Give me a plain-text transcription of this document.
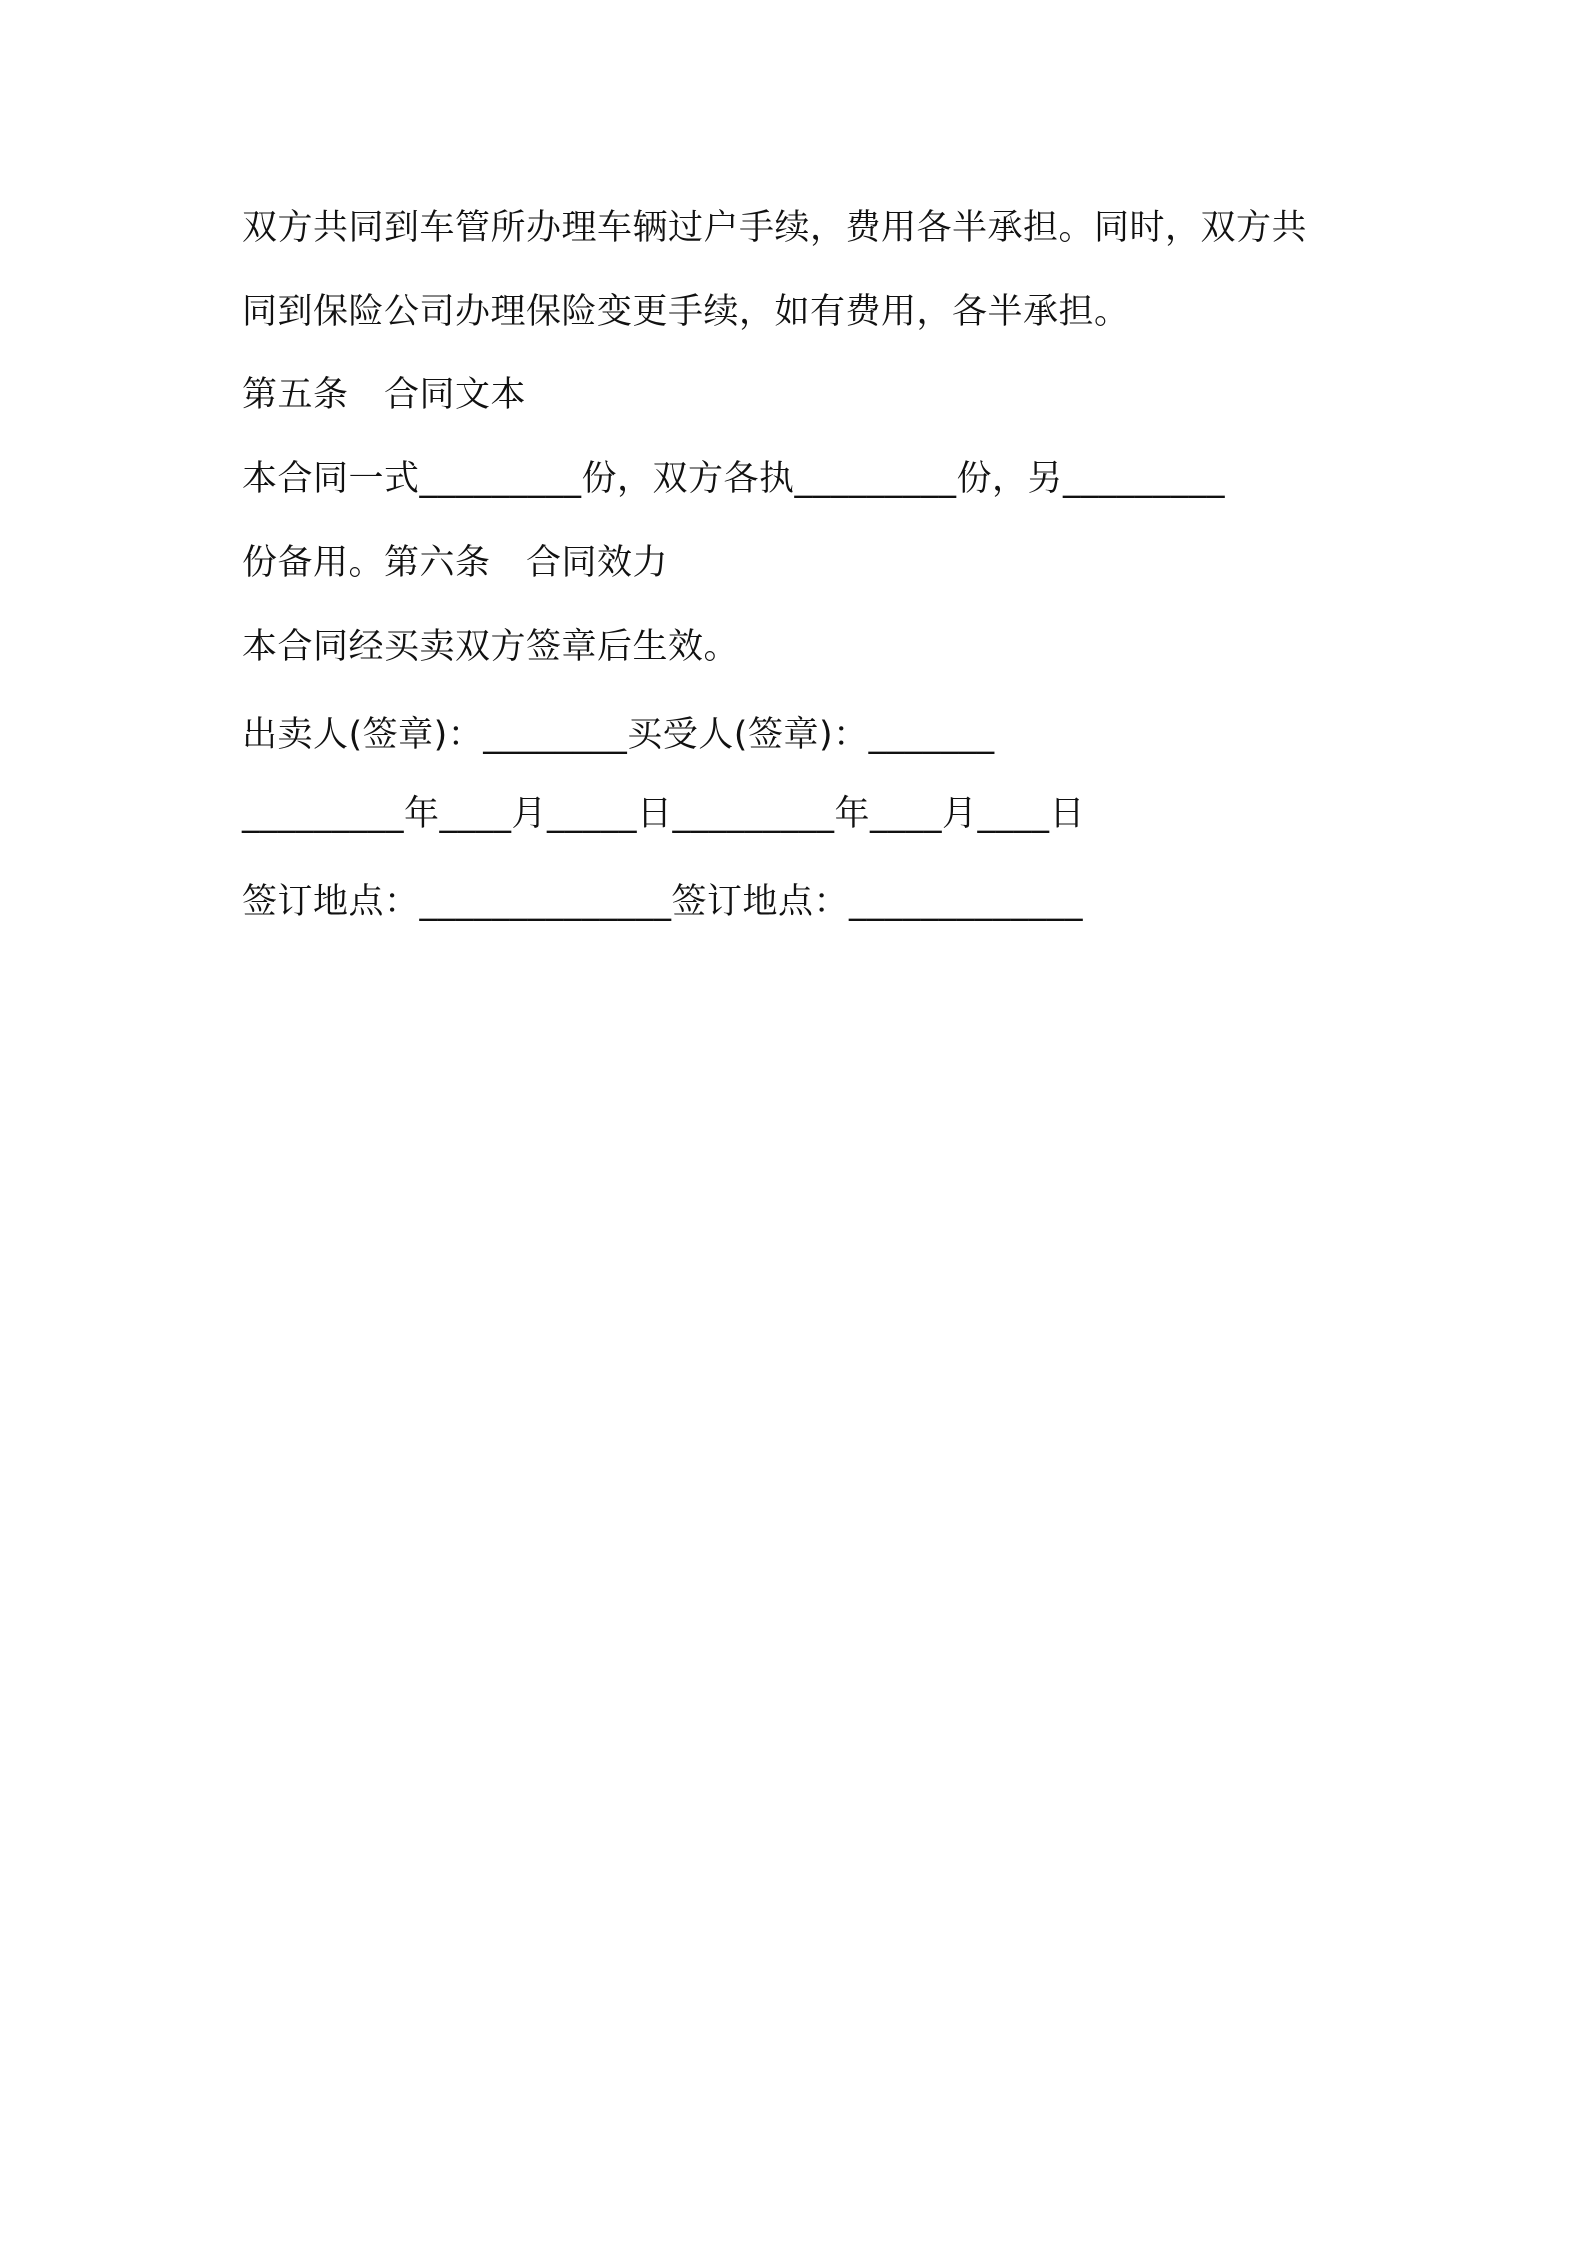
双方共同到车管所办理车辆过户手续，费用各半承担。同时，双方共

同到保险公司办理保险变更手续，如有费用，各半承担。

第五条　合同文本

本合同一式_________份，双方各执_________份，另_________

份备用。第六条　合同效力

本合同经买卖双方签章后生效。

出卖人(签章)：________买受人(签章)：_______

_________年____月_____日_________年____月____日

签订地点：______________签订地点：_____________
